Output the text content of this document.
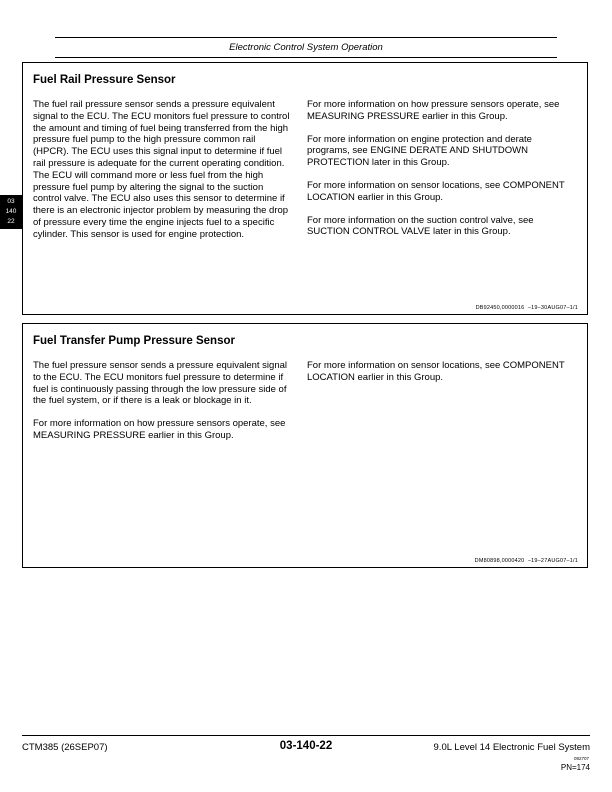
Electronic Control System Operation
03
140
22
Fuel Rail Pressure Sensor

The fuel rail pressure sensor sends a pressure equivalent signal to the ECU. The ECU monitors fuel pressure to control the amount and timing of fuel being transferred from the high pressure fuel pump to the high pressure common rail (HPCR). The ECU uses this signal input to determine if fuel rail pressure is adequate for the current operating condition. The ECU will command more or less fuel from the high pressure fuel pump by altering the signal to the suction control valve. The ECU also uses this sensor to determine if there is an electronic injector problem by measuring the drop of pressure every time the engine injects fuel to a specific cylinder. This sensor is used for engine protection.

For more information on how pressure sensors operate, see MEASURING PRESSURE earlier in this Group.

For more information on engine protection and derate programs, see ENGINE DERATE AND SHUTDOWN PROTECTION later in this Group.

For more information on sensor locations, see COMPONENT LOCATION earlier in this Group.

For more information on the suction control valve, see SUCTION CONTROL VALVE later in this Group.

DB92450,0000016  –19–30AUG07–1/1
Fuel Transfer Pump Pressure Sensor

The fuel pressure sensor sends a pressure equivalent signal to the ECU. The ECU monitors fuel pressure to determine if fuel is continuously passing through the low pressure side of the fuel system, or if there is a leak or blockage in it.

For more information on how pressure sensors operate, see MEASURING PRESSURE earlier in this Group.

For more information on sensor locations, see COMPONENT LOCATION earlier in this Group.

DM80898,0000420  –19–27AUG07–1/1
CTM385 (26SEP07)	03-140-22	9.0L Level 14 Electronic Fuel System
092707
PN=174
